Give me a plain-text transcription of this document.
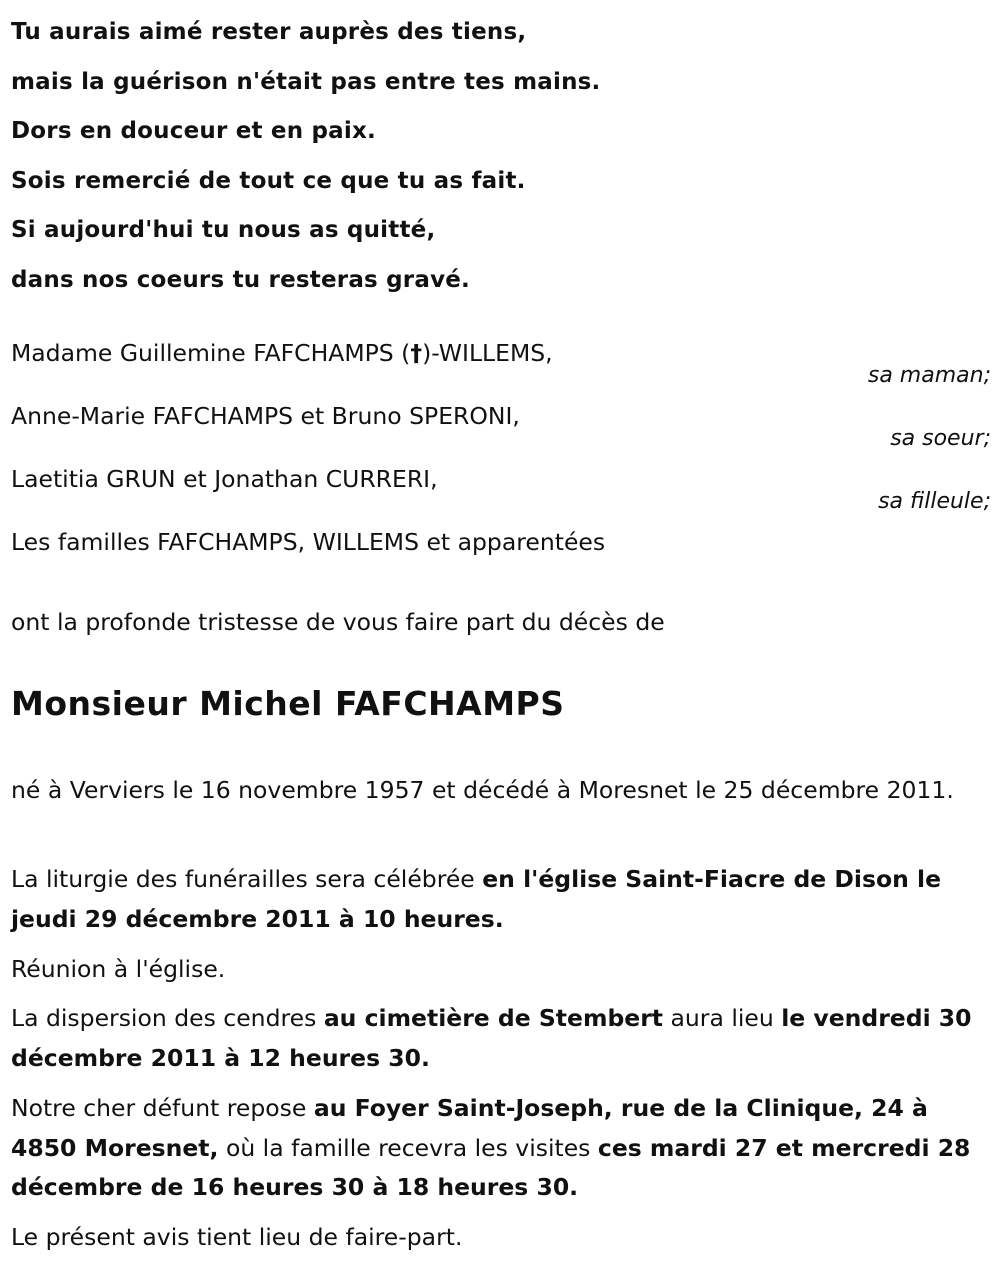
Tu aurais aimé rester auprès des tiens,
mais la guérison n'était pas entre tes mains.
Dors en douceur et en paix.
Sois remercié de tout ce que tu as fait.
Si aujourd'hui tu nous as quitté,
dans nos coeurs tu resteras gravé.
Madame Guillemine FAFCHAMPS (†)-WILLEMS,
sa maman;
Anne-Marie FAFCHAMPS et Bruno SPERONI,
sa soeur;
Laetitia GRUN et Jonathan CURRERI,
sa filleule;
Les familles FAFCHAMPS, WILLEMS et apparentées
ont la profonde tristesse de vous faire part du décès de
Monsieur Michel FAFCHAMPS
né à Verviers le 16 novembre 1957 et décédé à Moresnet le 25 décembre 2011.
La liturgie des funérailles sera célébrée en l'église Saint-Fiacre de Dison le jeudi 29 décembre 2011 à 10 heures.
Réunion à l'église.
La dispersion des cendres au cimetière de Stembert aura lieu le vendredi 30 décembre 2011 à 12 heures 30.
Notre cher défunt repose au Foyer Saint-Joseph, rue de la Clinique, 24 à 4850 Moresnet, où la famille recevra les visites ces mardi 27 et mercredi 28 décembre de 16 heures 30 à 18 heures 30.
Le présent avis tient lieu de faire-part.
